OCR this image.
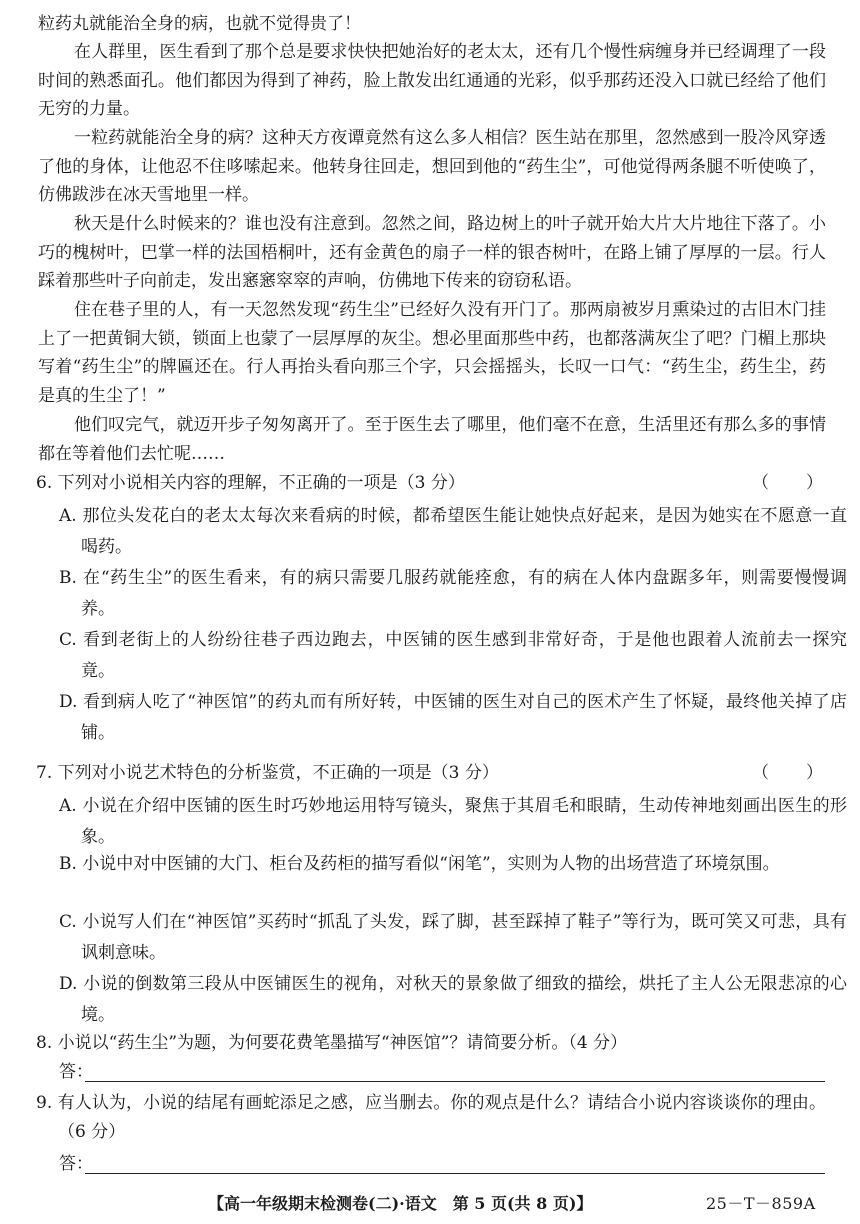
粒药丸就能治全身的病，也就不觉得贵了！

在人群里，医生看到了那个总是要求快快把她治好的老太太，还有几个慢性病缠身并已经调理了一段时间的熟悉面孔。他们都因为得到了神药，脸上散发出红通通的光彩，似乎那药还没入口就已经给了他们无穷的力量。

一粒药就能治全身的病？这种天方夜谭竟然有这么多人相信？医生站在那里，忽然感到一股冷风穿透了他的身体，让他忍不住哆嗦起来。他转身往回走，想回到他的“药生尘”，可他觉得两条腿不听使唤了，仿佛跋涉在冰天雪地里一样。

秋天是什么时候来的？谁也没有注意到。忽然之间，路边树上的叶子就开始大片大片地往下落了。小巧的槐树叶，巴掌一样的法国梧桐叶，还有金黄色的扇子一样的银杏树叶，在路上铺了厚厚的一层。行人踩着那些叶子向前走，发出窸窸窣窣的声响，仿佛地下传来的窃窃私语。

住在巷子里的人，有一天忽然发现“药生尘”已经好久没有开门了。那两扇被岁月熏染过的古旧木门挂上了一把黄铜大锁，锁面上也蒙了一层厚厚的灰尘。想必里面那些中药，也都落满灰尘了吧？门楣上那块写着“药生尘”的牌匾还在。行人再抬头看向那三个字，只会摇摇头，长叹一口气：“药生尘，药生尘，药是真的生尘了！”

他们叹完气，就迈开步子匆匆离开了。至于医生去了哪里，他们毫不在意，生活里还有那么多的事情都在等着他们去忙呢……

6. 下列对小说相关内容的理解，不正确的一项是（3 分）	（　　）

A. 那位头发花白的老太太每次来看病的时候，都希望医生能让她快点好起来，是因为她实在不愿意一直喝药。

B. 在“药生尘”的医生看来，有的病只需要几服药就能痊愈，有的病在人体内盘踞多年，则需要慢慢调养。

C. 看到老街上的人纷纷往巷子西边跑去，中医铺的医生感到非常好奇，于是他也跟着人流前去一探究竟。

D. 看到病人吃了“神医馆”的药丸而有所好转，中医铺的医生对自己的医术产生了怀疑，最终他关掉了店铺。

7. 下列对小说艺术特色的分析鉴赏，不正确的一项是（3 分）	（　　）

A. 小说在介绍中医铺的医生时巧妙地运用特写镜头，聚焦于其眉毛和眼睛，生动传神地刻画出医生的形象。

B. 小说中对中医铺的大门、柜台及药柜的描写看似“闲笔”，实则为人物的出场营造了环境氛围。

C. 小说写人们在“神医馆”买药时“抓乱了头发，踩了脚，甚至踩掉了鞋子”等行为，既可笑又可悲，具有讽刺意味。

D. 小说的倒数第三段从中医铺医生的视角，对秋天的景象做了细致的描绘，烘托了主人公无限悲凉的心境。

8. 小说以“药生尘”为题，为何要花费笔墨描写“神医馆”？请简要分析。（4 分）
答：

9. 有人认为，小说的结尾有画蛇添足之感，应当删去。你的观点是什么？请结合小说内容谈谈你的理由。（6 分）

答：
【高一年级期末检测卷(二)·语文　第 5 页(共 8 页)】	25－T－859A
